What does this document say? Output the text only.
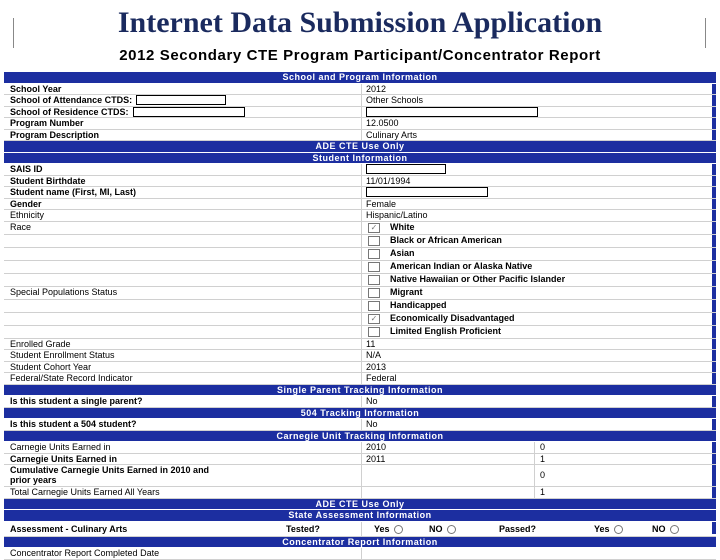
Internet Data Submission Application
2012 Secondary CTE Program Participant/Concentrator Report
School and Program Information
School Year	2012
School of Attendance CTDS:	Other Schools
School of Residence CTDS:
Program Number	12.0500
Program Description	Culinary Arts
ADE CTE Use Only
Student Information
SAIS ID
Student Birthdate	11/01/1994
Student name (First, MI, Last)
Gender	Female
Ethnicity	Hispanic/Latino
Race	✓ White
Black or African American
Asian
American Indian or Alaska Native
Native Hawaiian or Other Pacific Islander
Special Populations Status	Migrant
Handicapped
✓ Economically Disadvantaged
Limited English Proficient
Enrolled Grade	11
Student Enrollment Status	N/A
Student Cohort Year	2013
Federal/State Record Indicator	Federal
Single Parent Tracking Information
Is this student a single parent?	No
504 Tracking Information
Is this student a 504 student?	No
Carnegie Unit Tracking Information
Carnegie Units Earned in	2010	0
Carnegie Units Earned in	2011	1
Cumulative Carnegie Units Earned in 2010 and
prior years	0
Total Carnegie Units Earned All Years	1
ADE CTE Use Only
State Assessment Information
Assessment - Culinary Arts	Tested?	Yes	NO	Passed?	Yes	NO
Concentrator Report Information
Concentrator Report Completed Date
